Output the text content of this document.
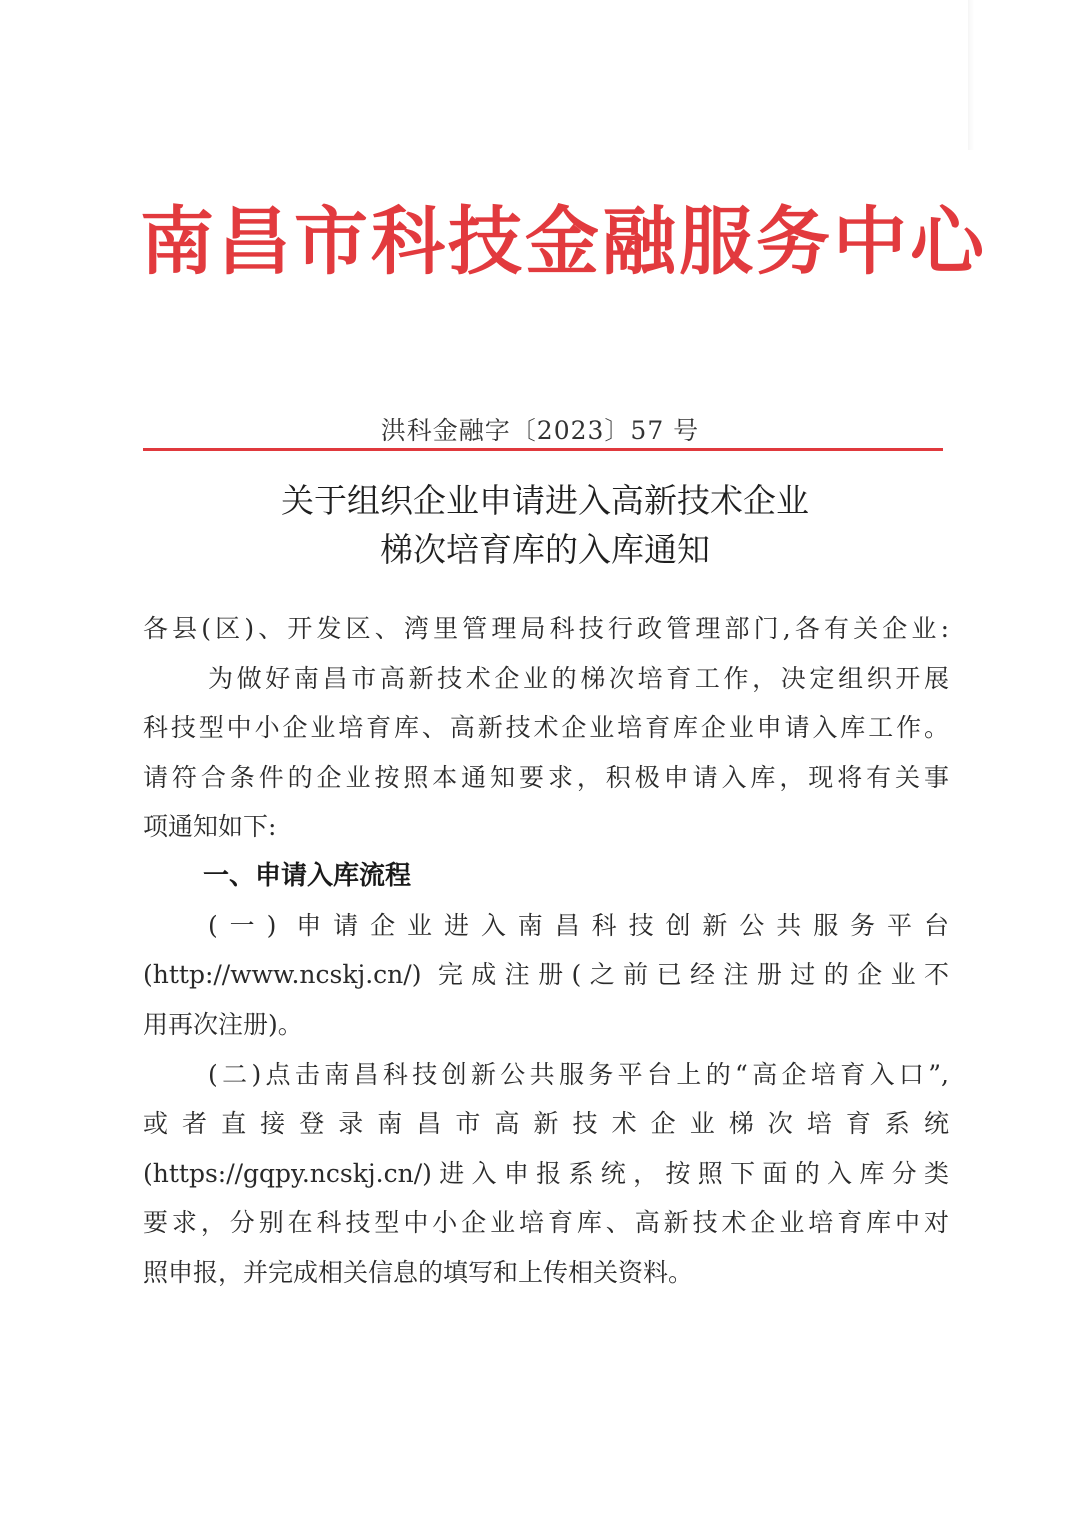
南昌市科技金融服务中心
洪科金融字〔2023〕57 号
关于组织企业申请进入高新技术企业
梯次培育库的入库通知
各县(区)、开发区、湾里管理局科技行政管理部门,各有关企业:
为做好南昌市高新技术企业的梯次培育工作，决定组织开展
科技型中小企业培育库、高新技术企业培育库企业申请入库工作。
请符合条件的企业按照本通知要求，积极申请入库，现将有关事
项通知如下:
一、申请入库流程
(一) 申请企业进入南昌科技创新公共服务平台
(http://www.ncskj.cn/) 完成注册(之前已经注册过的企业不
用再次注册)。
(二)点击南昌科技创新公共服务平台上的“高企培育入口”,
或者直接登录南昌市高新技术企业梯次培育系统
(https://gqpy.ncskj.cn/)进入申报系统，按照下面的入库分类
要求，分别在科技型中小企业培育库、高新技术企业培育库中对
照申报，并完成相关信息的填写和上传相关资料。
